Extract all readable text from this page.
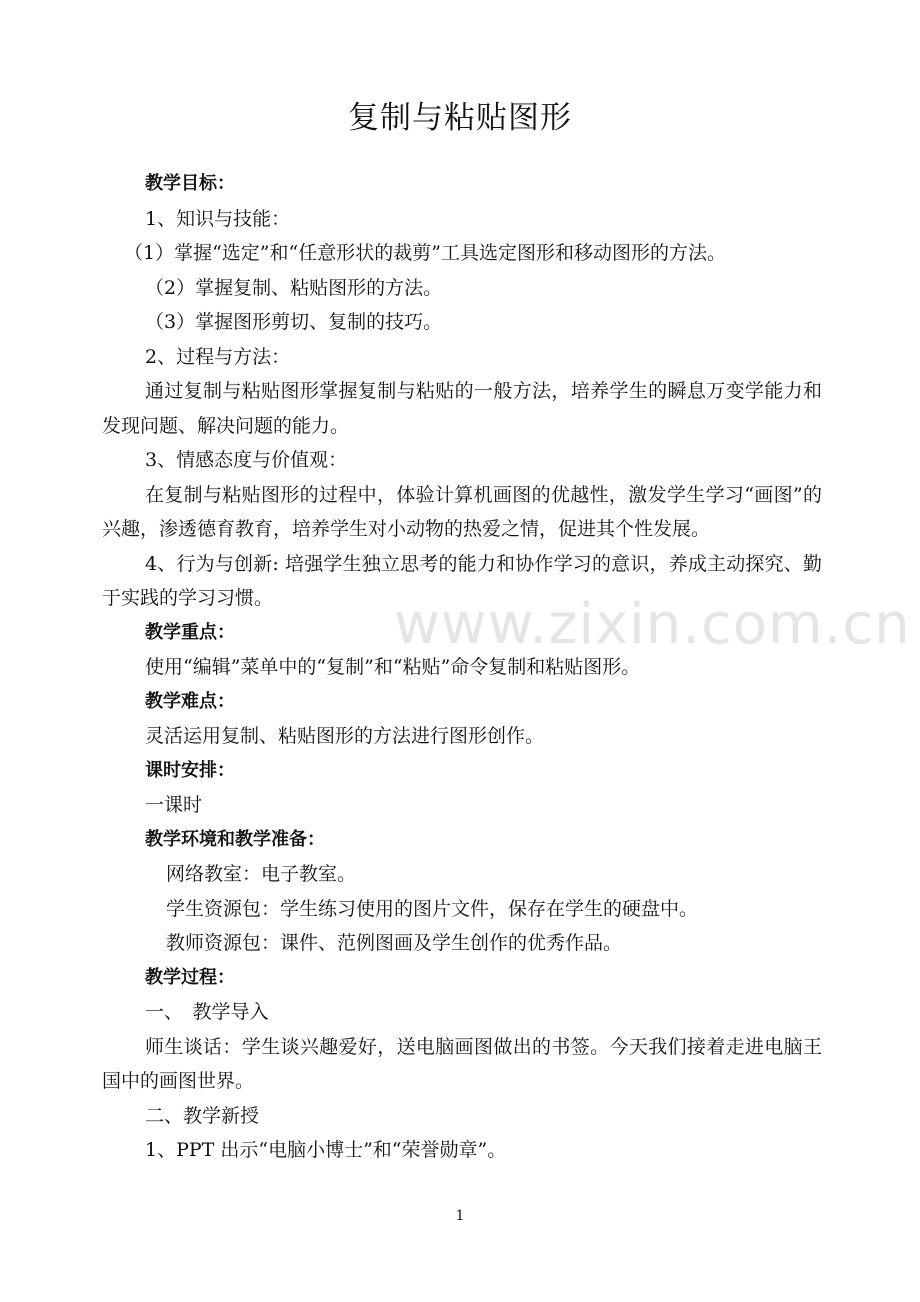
复制与粘贴图形

教学目标：

1、知识与技能：

（1）掌握“选定”和“任意形状的裁剪”工具选定图形和移动图形的方法。

（2）掌握复制、粘贴图形的方法。

（3）掌握图形剪切、复制的技巧。

2、过程与方法：

通过复制与粘贴图形掌握复制与粘贴的一般方法，培养学生的瞬息万变学能力和发现问题、解决问题的能力。

3、情感态度与价值观：

在复制与粘贴图形的过程中，体验计算机画图的优越性，激发学生学习“画图”的兴趣，渗透德育教育，培养学生对小动物的热爱之情，促进其个性发展。

4、行为与创新: 培强学生独立思考的能力和协作学习的意识，养成主动探究、勤于实践的学习习惯。

教学重点：

使用“编辑”菜单中的“复制”和“粘贴”命令复制和粘贴图形。

教学难点：

灵活运用复制、粘贴图形的方法进行图形创作。

课时安排：

一课时

教学环境和教学准备：

网络教室：电子教室。

学生资源包：学生练习使用的图片文件，保存在学生的硬盘中。

教师资源包：课件、范例图画及学生创作的优秀作品。

教学过程：

一、　教学导入

师生谈话：学生谈兴趣爱好，送电脑画图做出的书签。今天我们接着走进电脑王国中的画图世界。

二、教学新授

1、PPT 出示“电脑小博士”和“荣誉勋章”。

www.zixin.com.cn
1
